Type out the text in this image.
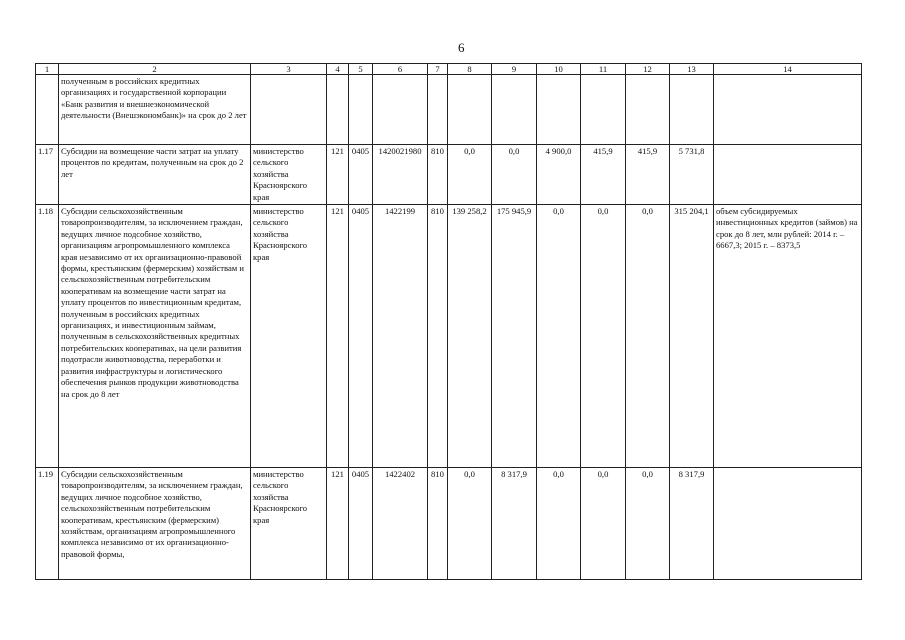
6
1	2	3	4	5	6	7	8	9	10	11	12	13	14
	полученным в российских кредитных организациях и государственной корпорации «Банк развития и внешнеэкономической деятельности (Внешэкономбанк)» на срок до 2 лет												
1.17	Субсидии на возмещение части затрат на уплату процентов по кредитам, полученным на срок до 2 лет	министерство сельского хозяйства Красноярского края	121	0405	1420021980	810	0,0	0,0	4 900,0	415,9	415,9	5 731,8	
1.18	Субсидии сельскохозяйственным товаропроизводителям, за исключением граждан, ведущих личное подсобное хозяйство, организациям агропромышленного комплекса края независимо от их организационно-правовой формы, крестьянским (фермерским) хозяйствам и сельскохозяйственным потребительским кооперативам на возмещение части затрат на уплату процентов по инвестиционным кредитам, полученным в российских кредитных организациях, и инвестиционным займам, полученным в сельскохозяйственных кредитных потребительских кооперативах, на цели развития подотрасли животноводства, переработки и развития инфраструктуры и логистического обеспечения рынков продукции животноводства на срок до 8 лет	министерство сельского хозяйства Красноярского края	121	0405	1422199	810	139 258,2	175 945,9	0,0	0,0	0,0	315 204,1	объем субсидируемых инвестиционных кредитов (займов) на срок до 8 лет, млн рублей: 2014 г. – 6667,3; 2015 г. – 8373,5
1.19	Субсидии сельскохозяйственным товаропроизводителям, за исключением граждан, ведущих личное подсобное хозяйство, сельскохозяйственным потребительским кооперативам, крестьянским (фермерским) хозяйствам, организациям агропромышленного комплекса независимо от их организационно-правовой формы,	министерство сельского хозяйства Красноярского края	121	0405	1422402	810	0,0	8 317,9	0,0	0,0	0,0	8 317,9	
